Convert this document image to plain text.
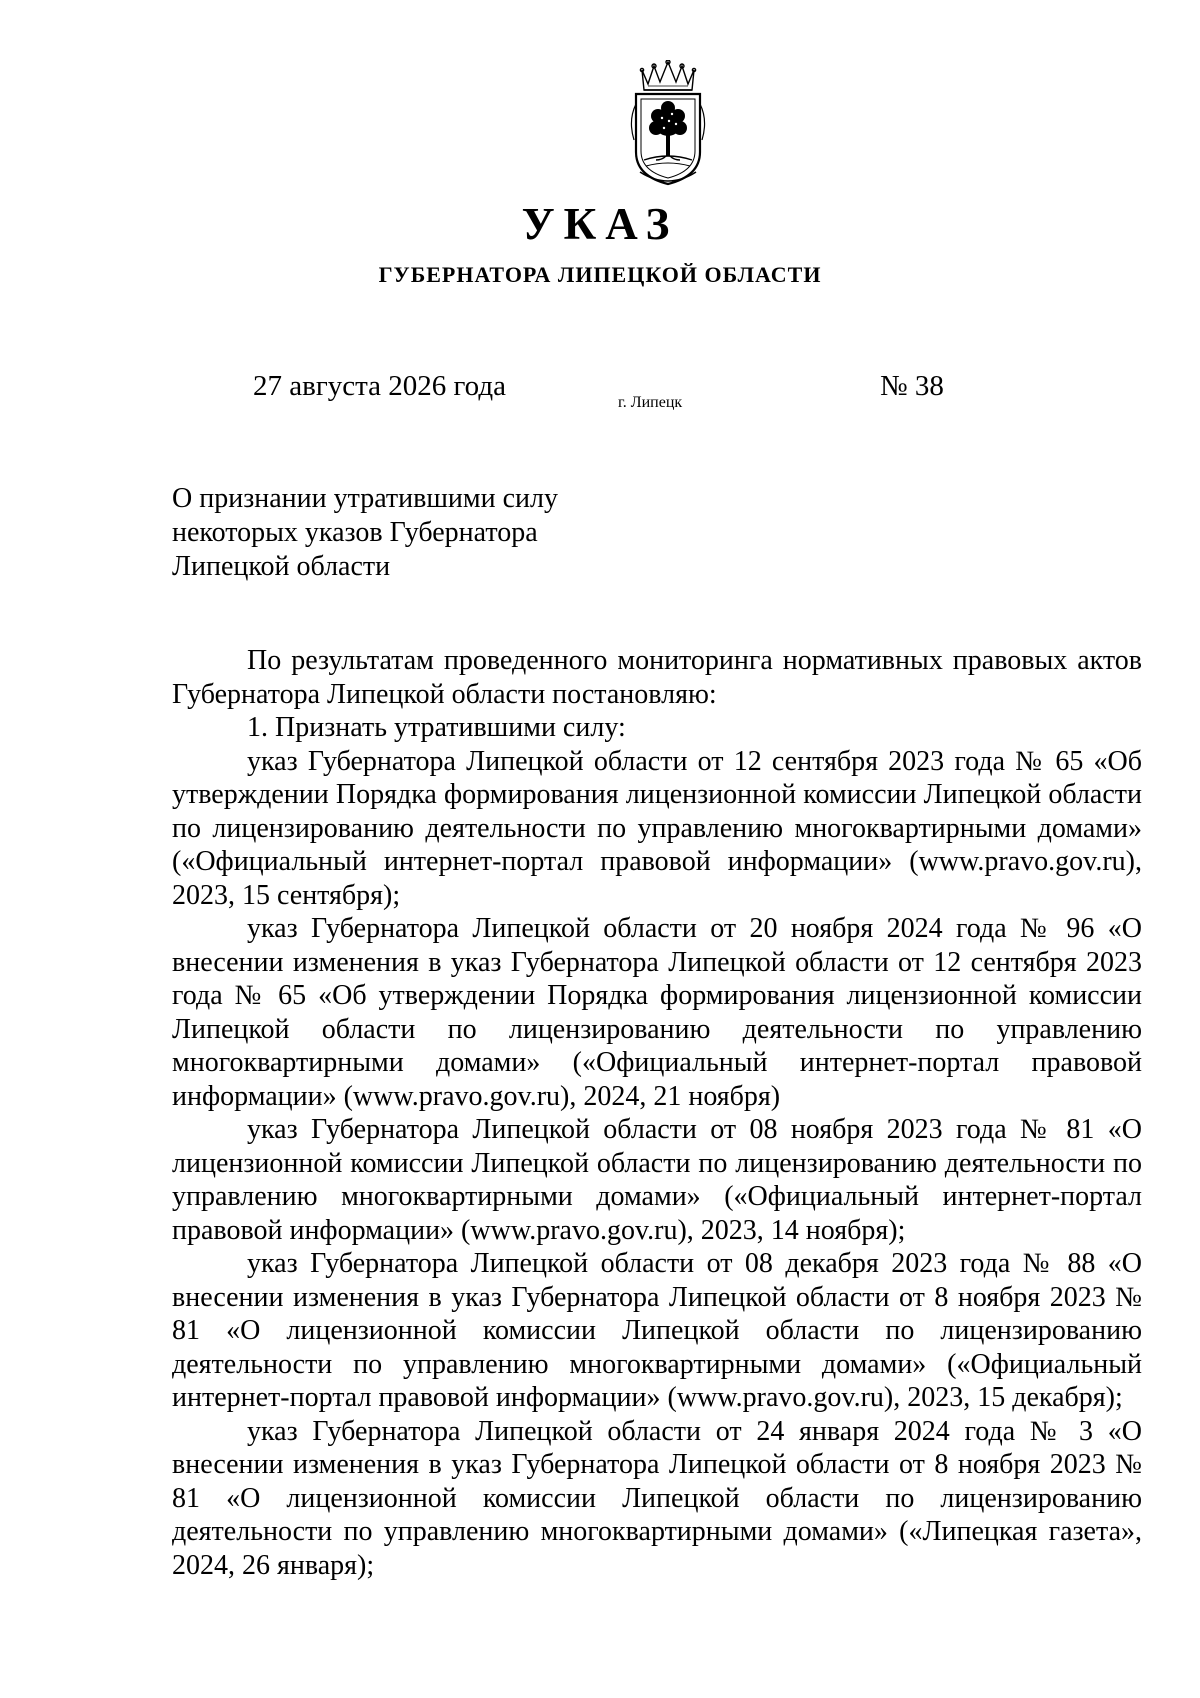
УКАЗ
ГУБЕРНАТОРА ЛИПЕЦКОЙ ОБЛАСТИ
27 августа 2026 года
г. Липецк
№ 38
О признании утратившими силу
некоторых указов Губернатора
Липецкой области

По результатам проведенного мониторинга нормативных правовых актов Губернатора Липецкой области постановляю:

1. Признать утратившими силу:

указ Губернатора Липецкой области от 12 сентября 2023 года № 65 «Об утверждении Порядка формирования лицензионной комиссии Липецкой области по лицензированию деятельности по управлению многоквартирными домами» («Официальный интернет-портал правовой информации» (www.pravo.gov.ru), 2023, 15 сентября);

указ Губернатора Липецкой области от 20 ноября 2024 года № 96 «О внесении изменения в указ Губернатора Липецкой области от 12 сентября 2023 года № 65 «Об утверждении Порядка формирования лицензионной комиссии Липецкой области по лицензированию деятельности по управлению многоквартирными домами» («Официальный интернет-портал правовой информации» (www.pravo.gov.ru), 2024, 21 ноября)

указ Губернатора Липецкой области от 08 ноября 2023 года № 81 «О лицензионной комиссии Липецкой области по лицензированию деятельности по управлению многоквартирными домами» («Официальный интернет-портал правовой информации» (www.pravo.gov.ru), 2023, 14 ноября);

указ Губернатора Липецкой области от 08 декабря 2023 года № 88 «О внесении изменения в указ Губернатора Липецкой области от 8 ноября 2023 № 81 «О лицензионной комиссии Липецкой области по лицензированию деятельности по управлению многоквартирными домами» («Официальный интернет-портал правовой информации» (www.pravo.gov.ru), 2023, 15 декабря);

указ Губернатора Липецкой области от 24 января 2024 года № 3 «О внесении изменения в указ Губернатора Липецкой области от 8 ноября 2023 № 81 «О лицензионной комиссии Липецкой области по лицензированию деятельности по управлению многоквартирными домами» («Липецкая газета», 2024, 26 января);
